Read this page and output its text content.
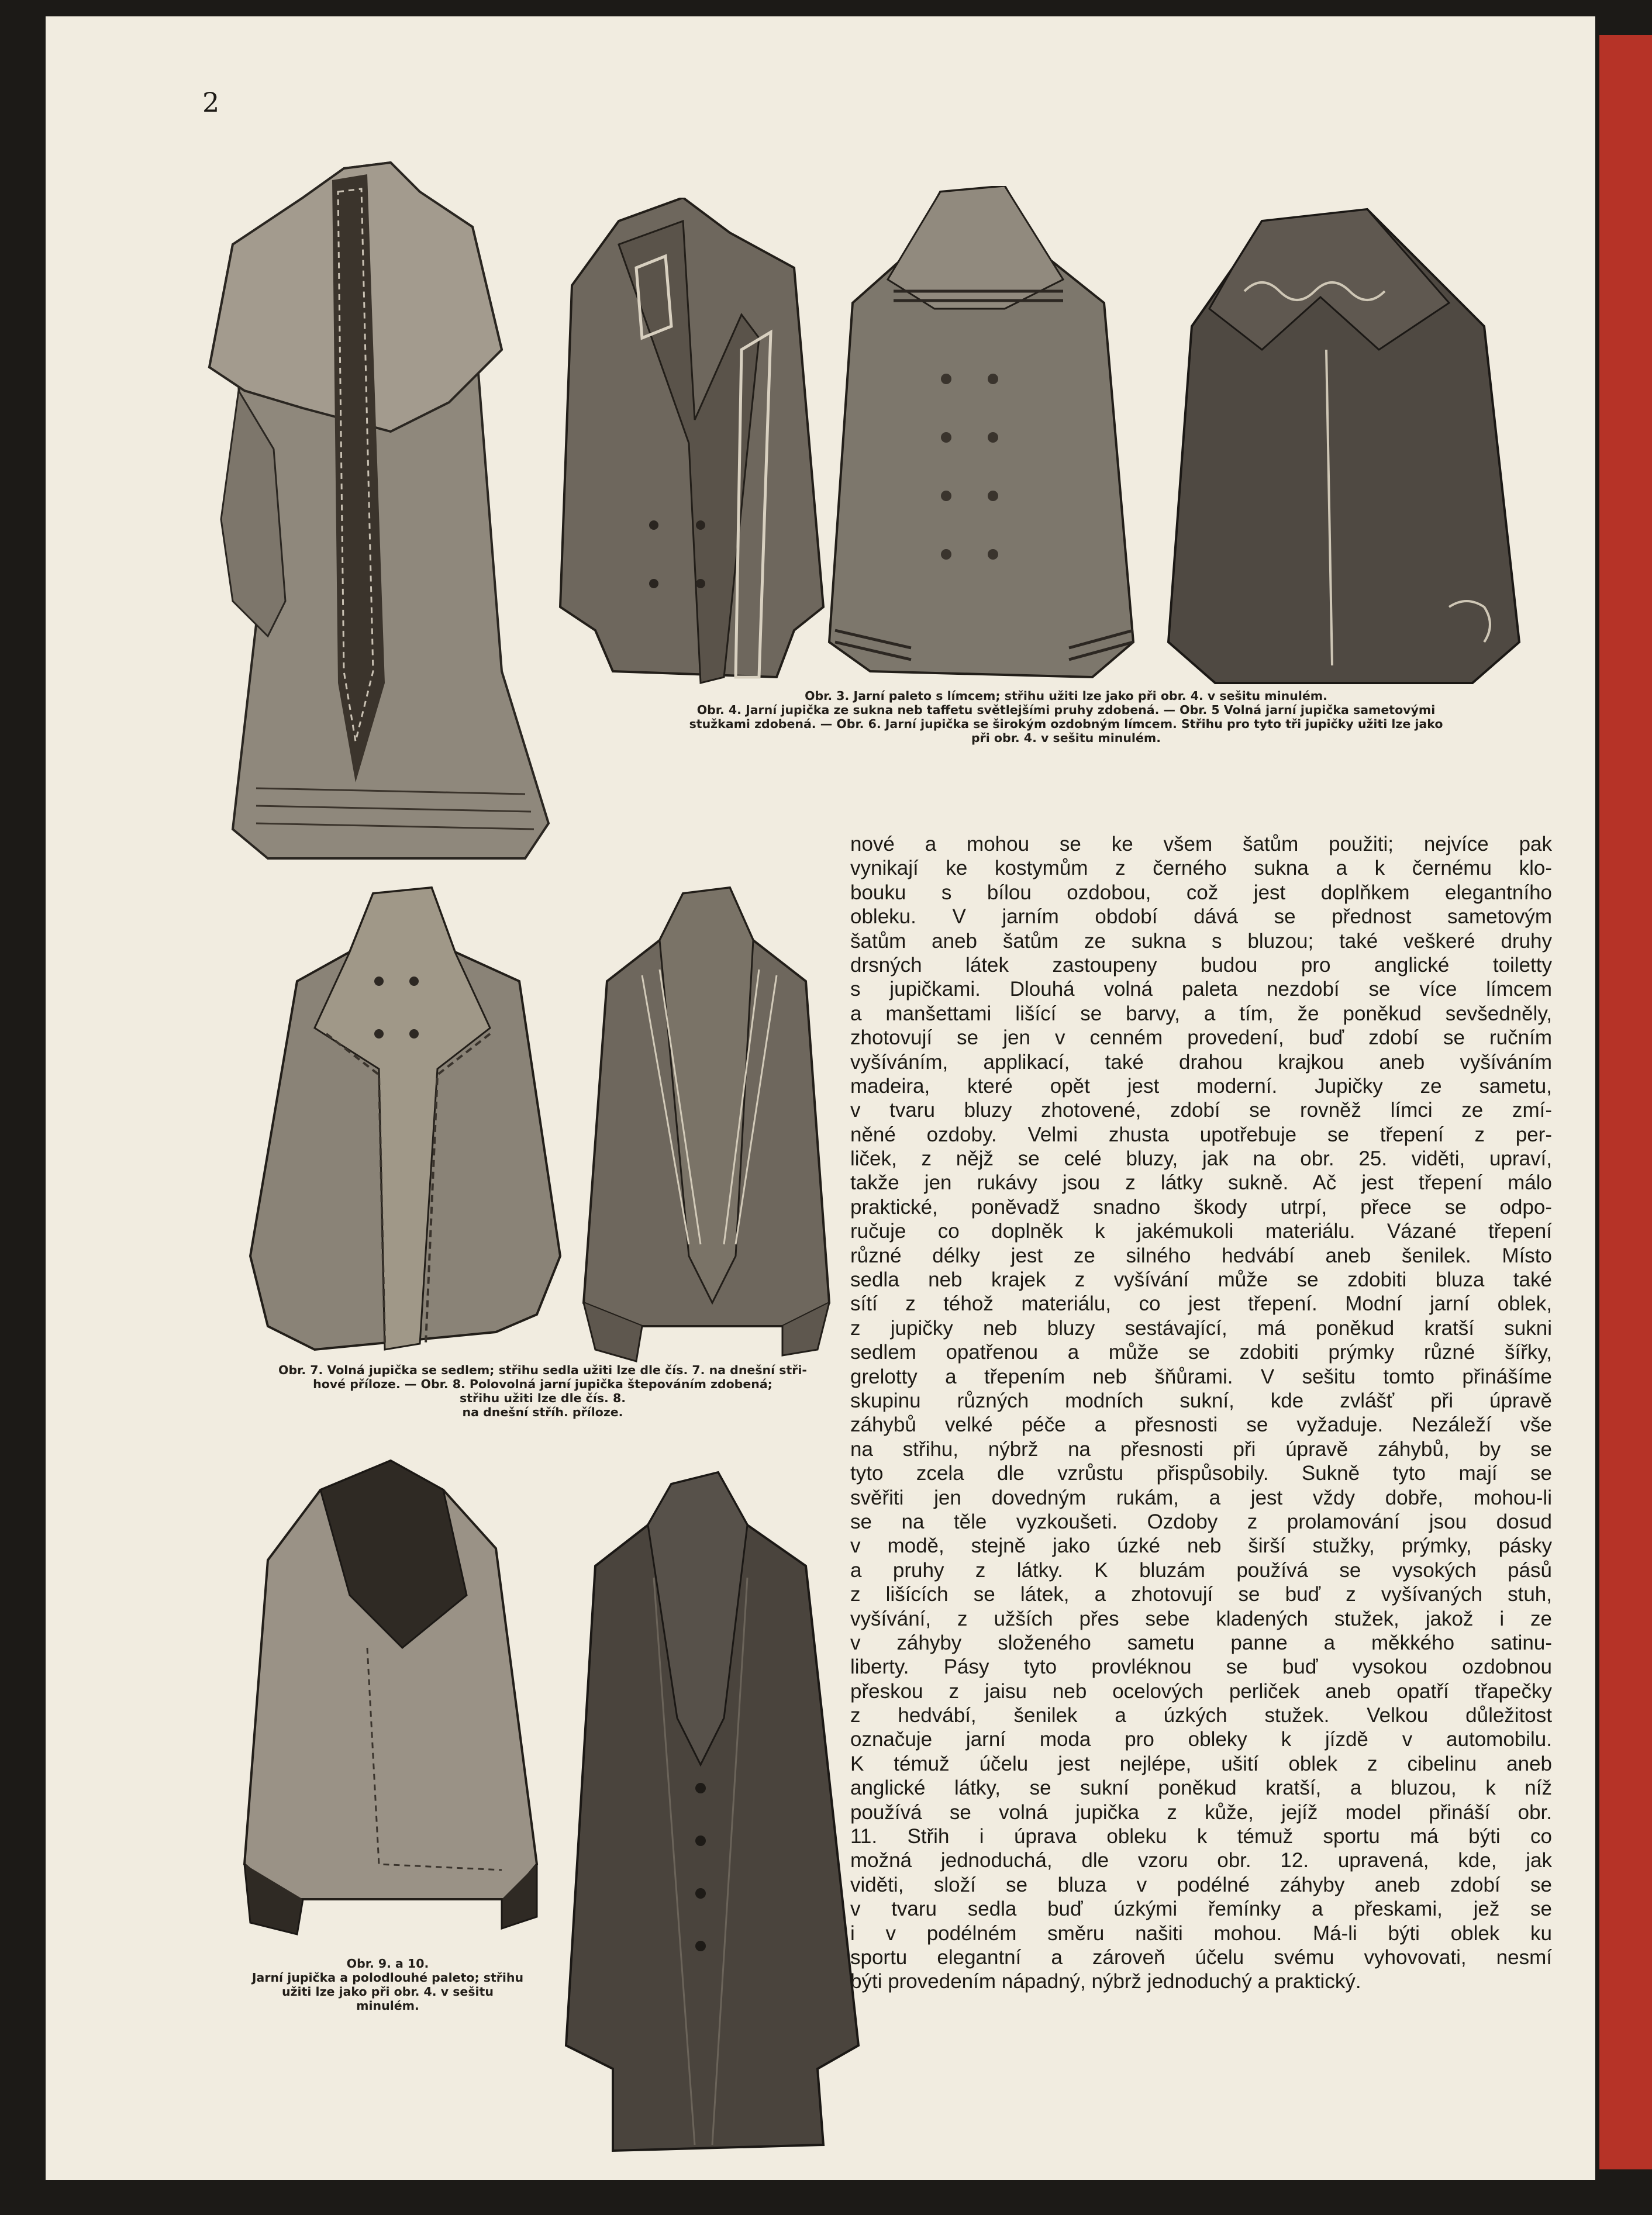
2
Obr. 3. Jarní paleto s límcem; střihu užiti lze jako při obr. 4. v sešitu minulém.
Obr. 4. Jarní jupička ze sukna neb taffetu světlejšími pruhy zdobená. — Obr. 5 Volná jarní jupička sametovými
stužkami zdobená. — Obr. 6. Jarní jupička se širokým ozdobným límcem. Střihu pro tyto tři jupičky užiti lze jako
při obr. 4. v sešitu minulém.
Obr. 7. Volná jupička se sedlem; střihu sedla užiti lze dle čís. 7. na dnešní stři-
hové příloze. — Obr. 8. Polovolná jarní jupička štepováním zdobená;
střihu užiti lze dle čís. 8.
na dnešní stříh. příloze.
Obr. 9. a 10.
Jarní jupička a polodlouhé paleto; střihu
užiti lze jako při obr. 4. v sešitu
minulém.
nové a mohou se ke všem šatům použiti; nejvíce pak
vynikají ke kostymům z černého sukna a k černému klo-
bouku s bílou ozdobou, což jest doplňkem elegantního
obleku. V jarním období dává se přednost sametovým
šatům aneb šatům ze sukna s bluzou; také veškeré druhy
drsných látek zastoupeny budou pro anglické toiletty
s jupičkami. Dlouhá volná paleta nezdobí se více límcem
a manšettami lišící se barvy, a tím, že poněkud sevšedněly,
zhotovují se jen v cenném provedení, buď zdobí se ručním
vyšíváním, applikací, také drahou krajkou aneb vyšíváním
madeira, které opět jest moderní. Jupičky ze sametu,
v tvaru bluzy zhotovené, zdobí se rovněž límci ze zmí-
něné ozdoby. Velmi zhusta upotřebuje se třepení z per-
liček, z nějž se celé bluzy, jak na obr. 25. viděti, upraví,
takže jen rukávy jsou z látky sukně. Ač jest třepení málo
praktické, poněvadž snadno škody utrpí, přece se odpo-
ručuje co doplněk k jakémukoli materiálu. Vázané třepení
různé délky jest ze silného hedvábí aneb šenilek. Místo
sedla neb krajek z vyšívání může se zdobiti bluza také
sítí z téhož materiálu, co jest třepení. Modní jarní oblek,
z jupičky neb bluzy sestávající, má poněkud kratší sukni
sedlem opatřenou a může se zdobiti prýmky různé šířky,
grelotty a třepením neb šňůrami. V sešitu tomto přinášíme
skupinu různých modních sukní, kde zvlášť při úpravě
záhybů velké péče a přesnosti se vyžaduje. Nezáleží vše
na střihu, nýbrž na přesnosti při úpravě záhybů, by se
tyto zcela dle vzrůstu přispůsobily. Sukně tyto mají se
svěřiti jen dovedným rukám, a jest vždy dobře, mohou-li
se na těle vyzkoušeti. Ozdoby z prolamování jsou dosud
v modě, stejně jako úzké neb širší stužky, prýmky, pásky
a pruhy z látky. K bluzám používá se vysokých pásů
z lišících se látek, a zhotovují se buď z vyšívaných stuh,
vyšívání, z užších přes sebe kladených stužek, jakož i ze
v záhyby složeného sametu panne a měkkého satinu-
liberty. Pásy tyto provléknou se buď vysokou ozdobnou
přeskou z jaisu neb ocelových perliček aneb opatří třapečky
z hedvábí, šenilek a úzkých stužek. Velkou důležitost
označuje jarní moda pro obleky k jízdě v automobilu.
K témuž účelu jest nejlépe, ušití oblek z cibelinu aneb
anglické látky, se sukní poněkud kratší, a bluzou, k níž
používá se volná jupička z kůže, jejíž model přináší obr.
11. Střih i úprava obleku k témuž sportu má býti co
možná jednoduchá, dle vzoru obr. 12. upravená, kde, jak
viděti, složí se bluza v podélné záhyby aneb zdobí se
v tvaru sedla buď úzkými řemínky a přeskami, jež se
i v podélném směru našiti mohou. Má-li býti oblek ku
sportu elegantní a zároveň účelu svému vyhovovati, nesmí
býti provedením nápadný, nýbrž jednoduchý a praktický.
